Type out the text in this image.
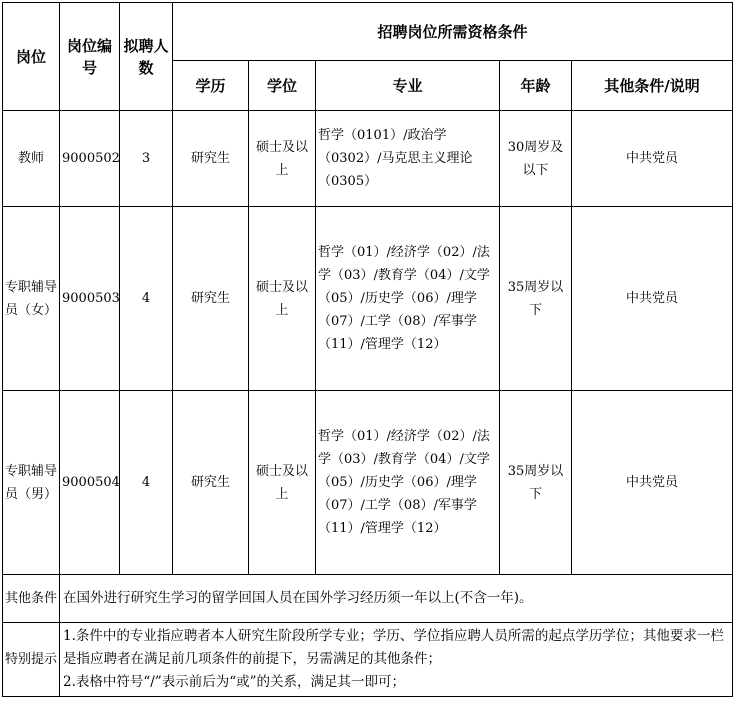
岗位	岗位编号	拟聘人数	招聘岗位所需资格条件				
			学历	学位	专业	年龄	其他条件/说明
教师	9000502	3	研究生	硕士及以上	哲学（0101）/政治学（0302）/马克思主义理论（0305）	30周岁及以下	中共党员
专职辅导员（女）	9000503	4	研究生	硕士及以上	哲学（01）/经济学（02）/法学（03）/教育学（04）/文学（05）/历史学（06）/理学（07）/工学（08）/军事学（11）/管理学（12）	35周岁以下	中共党员
专职辅导员（男）	9000504	4	研究生	硕士及以上	哲学（01）/经济学（02）/法学（03）/教育学（04）/文学（05）/历史学（06）/理学（07）/工学（08）/军事学（11）/管理学（12）	35周岁以下	中共党员
其他条件	在国外进行研究生学习的留学回国人员在国外学习经历须一年以上(不含一年)。						
特别提示	1.条件中的专业指应聘者本人研究生阶段所学专业；学历、学位指应聘人员所需的起点学历学位；其他要求一栏是指应聘者在满足前几项条件的前提下，另需满足的其他条件；
2.表格中符号“/”表示前后为“或”的关系，满足其一即可；						
